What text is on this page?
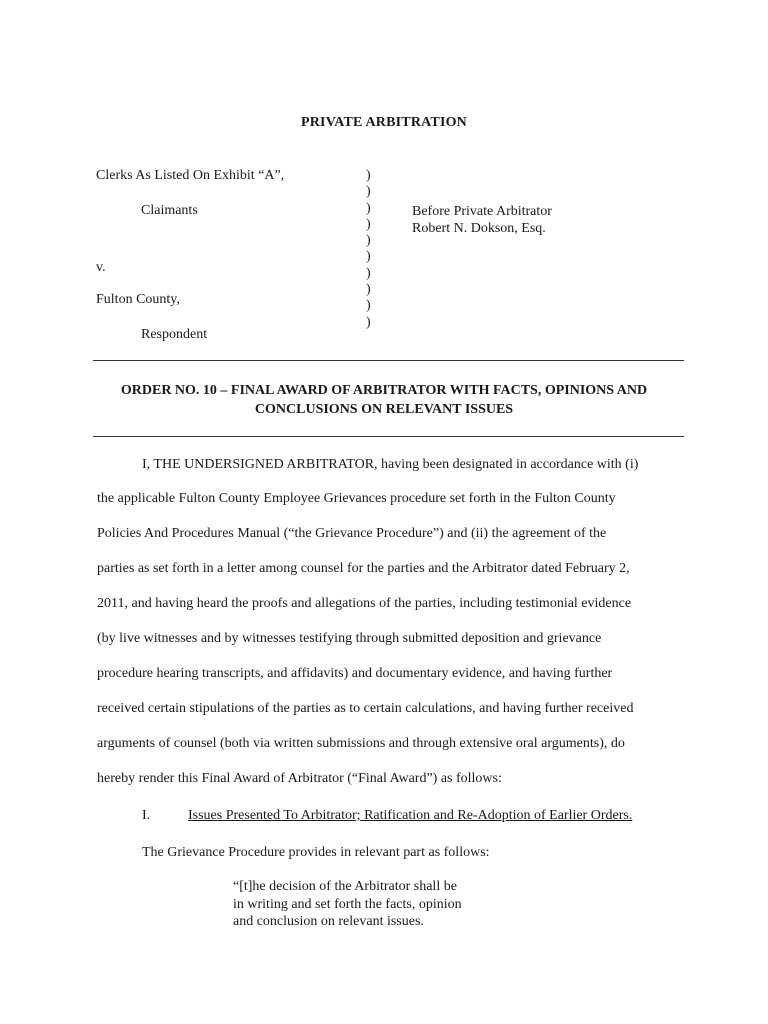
PRIVATE ARBITRATION
Clerks As Listed On Exhibit “A”,
Claimants
v.
Fulton County,
Respondent
)
)
)
)
)
)
)
)
)
)
Before Private Arbitrator
Robert N. Dokson, Esq.
ORDER NO. 10 – FINAL AWARD OF ARBITRATOR WITH FACTS, OPINIONS AND
CONCLUSIONS ON RELEVANT ISSUES
I, THE UNDERSIGNED ARBITRATOR, having been designated in accordance with (i)
the applicable Fulton County Employee Grievances procedure set forth in the Fulton County
Policies And Procedures Manual (“the Grievance Procedure”) and (ii) the agreement of the
parties as set forth in a letter among counsel for the parties and the Arbitrator dated February 2,
2011, and having heard the proofs and allegations of the parties, including testimonial evidence
(by live witnesses and by witnesses testifying through submitted deposition and grievance
procedure hearing transcripts, and affidavits) and documentary evidence, and having further
received certain stipulations of the parties as to certain calculations, and having further received
arguments of counsel (both via written submissions and through extensive oral arguments), do
hereby render this Final Award of Arbitrator (“Final Award”) as follows:
I.	Issues Presented To Arbitrator; Ratification and Re-Adoption of Earlier Orders.
The Grievance Procedure provides in relevant part as follows:
“[t]he decision of the Arbitrator shall be
in writing and set forth the facts, opinion
and conclusion on relevant issues.
